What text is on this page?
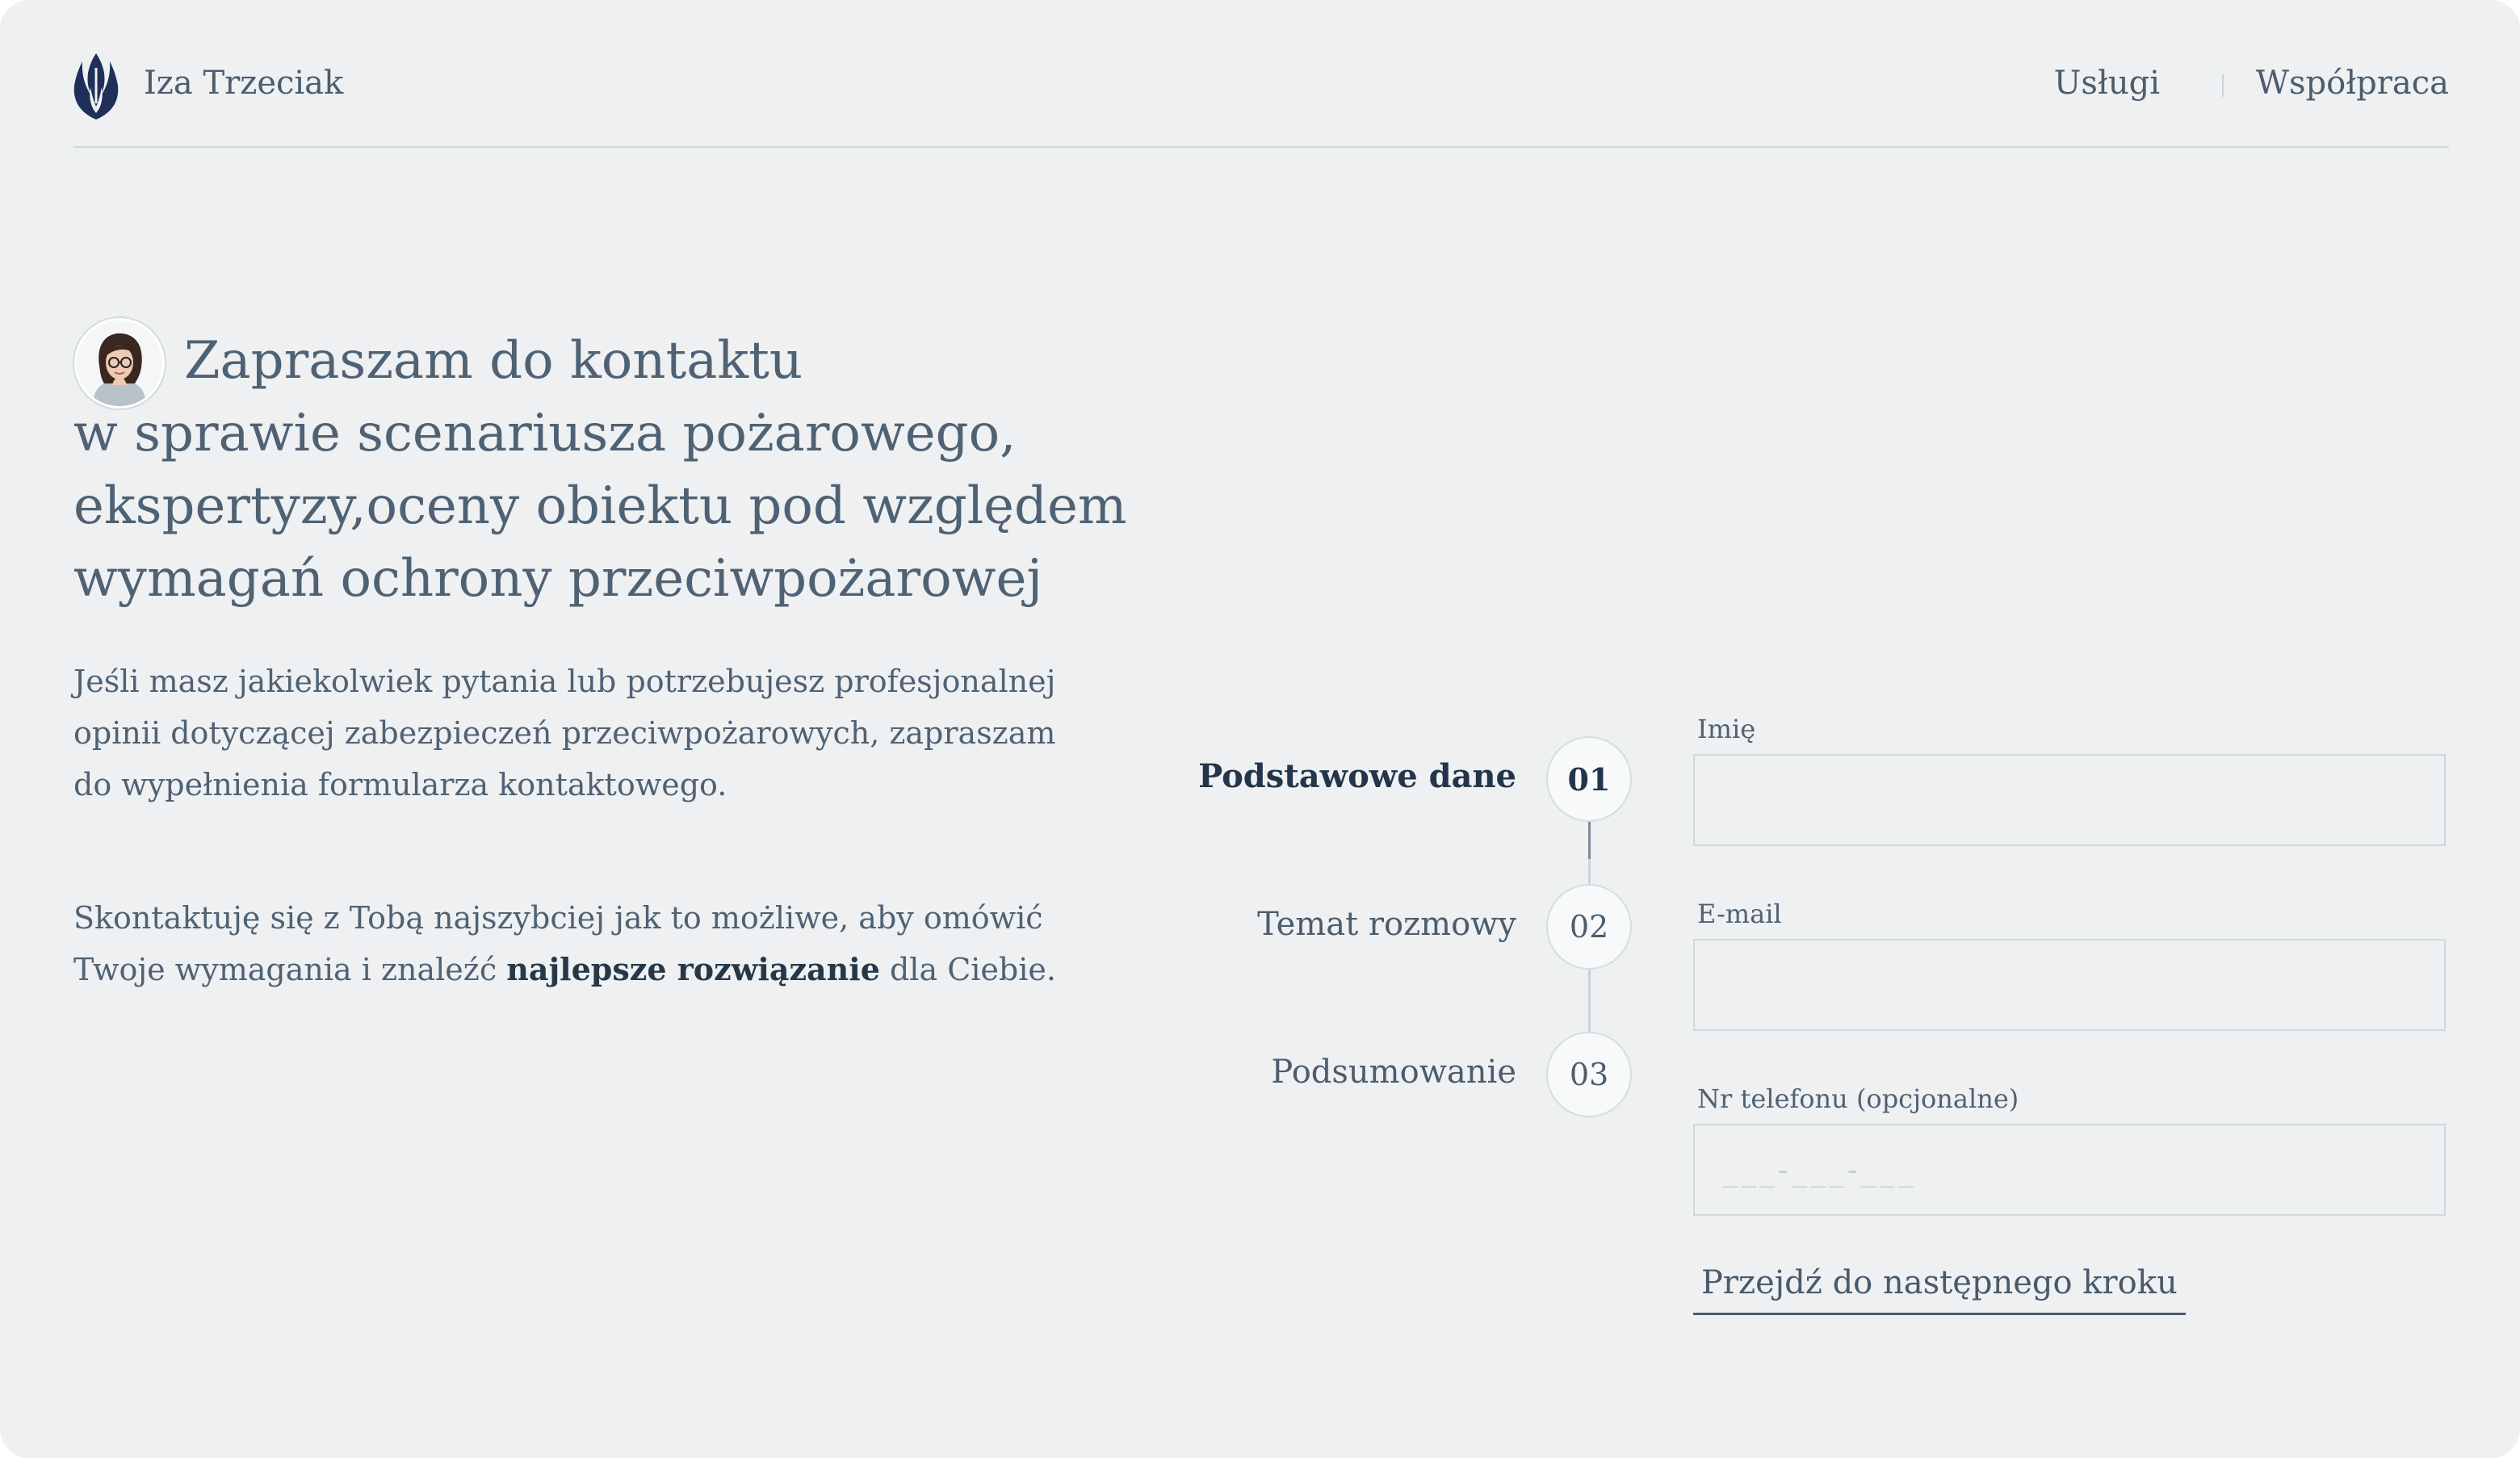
Iza Trzeciak	Usługi	Współpraca
Zapraszam do kontaktu
w sprawie scenariusza pożarowego,
ekspertyzy,oceny obiektu pod względem
wymagań ochrony przeciwpożarowej

Jeśli masz jakiekolwiek pytania lub potrzebujesz profesjonalnej opinii dotyczącej zabezpieczeń przeciwpożarowych, zapraszam do wypełnienia formularza kontaktowego.

Skontaktuję się z Tobą najszybciej jak to możliwe, aby omówić Twoje wymagania i znaleźć najlepsze rozwiązanie dla Ciebie.

Podstawowe dane	01
Temat rozmowy	02
Podsumowanie	03
Imię
E-mail
Nr telefonu (opcjonalne)
___-___-___
Przejdź do następnego kroku
